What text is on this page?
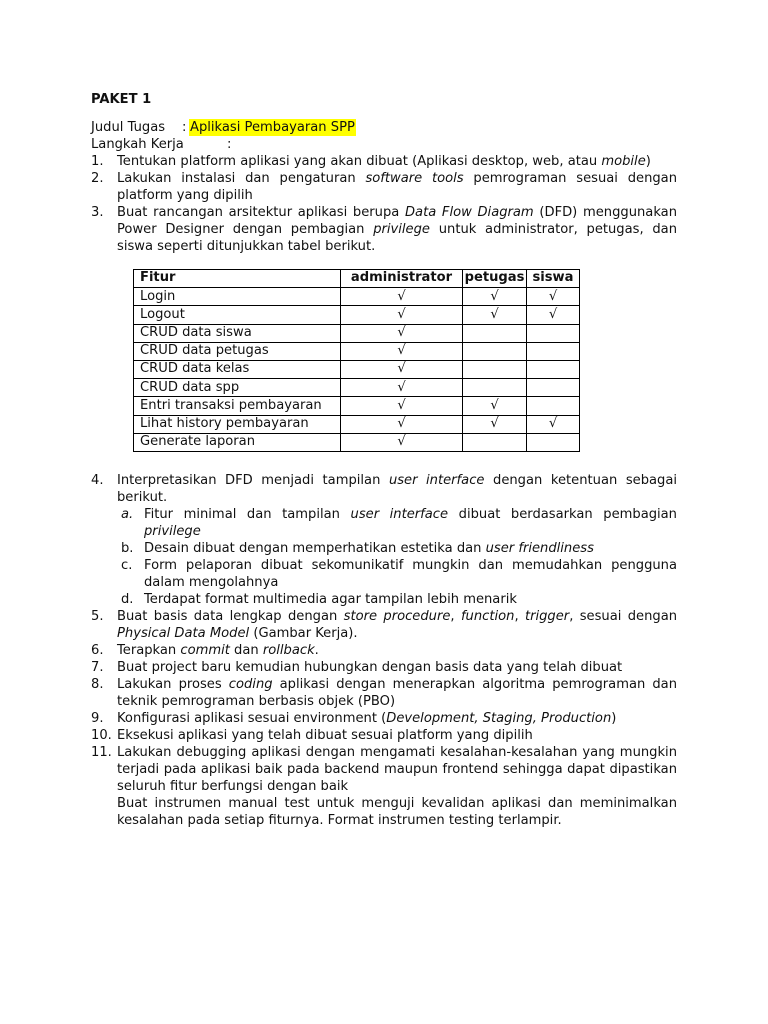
PAKET 1
Judul Tugas : Aplikasi Pembayaran SPP
Langkah Kerja	:
1. Tentukan platform aplikasi yang akan dibuat (Aplikasi desktop, web, atau mobile)
2. Lakukan instalasi dan pengaturan software tools pemrograman sesuai dengan platform yang dipilih
3. Buat rancangan arsitektur aplikasi berupa Data Flow Diagram (DFD) menggunakan Power Designer dengan pembagian privilege untuk administrator, petugas, dan siswa seperti ditunjukkan tabel berikut.
Fitur	administrator	petugas	siswa
Login	√	√	√
Logout	√	√	√
CRUD data siswa	√		
CRUD data petugas	√		
CRUD data kelas	√		
CRUD data spp	√		
Entri transaksi pembayaran	√	√	
Lihat history pembayaran	√	√	√
Generate laporan	√		
4. Interpretasikan DFD menjadi tampilan user interface dengan ketentuan sebagai berikut.
a. Fitur minimal dan tampilan user interface dibuat berdasarkan pembagian privilege
b. Desain dibuat dengan memperhatikan estetika dan user friendliness
c. Form pelaporan dibuat sekomunikatif mungkin dan memudahkan pengguna dalam mengolahnya
d. Terdapat format multimedia agar tampilan lebih menarik
5. Buat basis data lengkap dengan store procedure, function, trigger, sesuai dengan Physical Data Model (Gambar Kerja).
6. Terapkan commit dan rollback.
7. Buat project baru kemudian hubungkan dengan basis data yang telah dibuat
8. Lakukan proses coding aplikasi dengan menerapkan algoritma pemrograman dan teknik pemrograman berbasis objek (PBO)
9. Konfigurasi aplikasi sesuai environment (Development, Staging, Production)
10. Eksekusi aplikasi yang telah dibuat sesuai platform yang dipilih
11. Lakukan debugging aplikasi dengan mengamati kesalahan-kesalahan yang mungkin terjadi pada aplikasi baik pada backend maupun frontend sehingga dapat dipastikan seluruh fitur berfungsi dengan baik
Buat instrumen manual test untuk menguji kevalidan aplikasi dan meminimalkan kesalahan pada setiap fiturnya. Format instrumen testing terlampir.
